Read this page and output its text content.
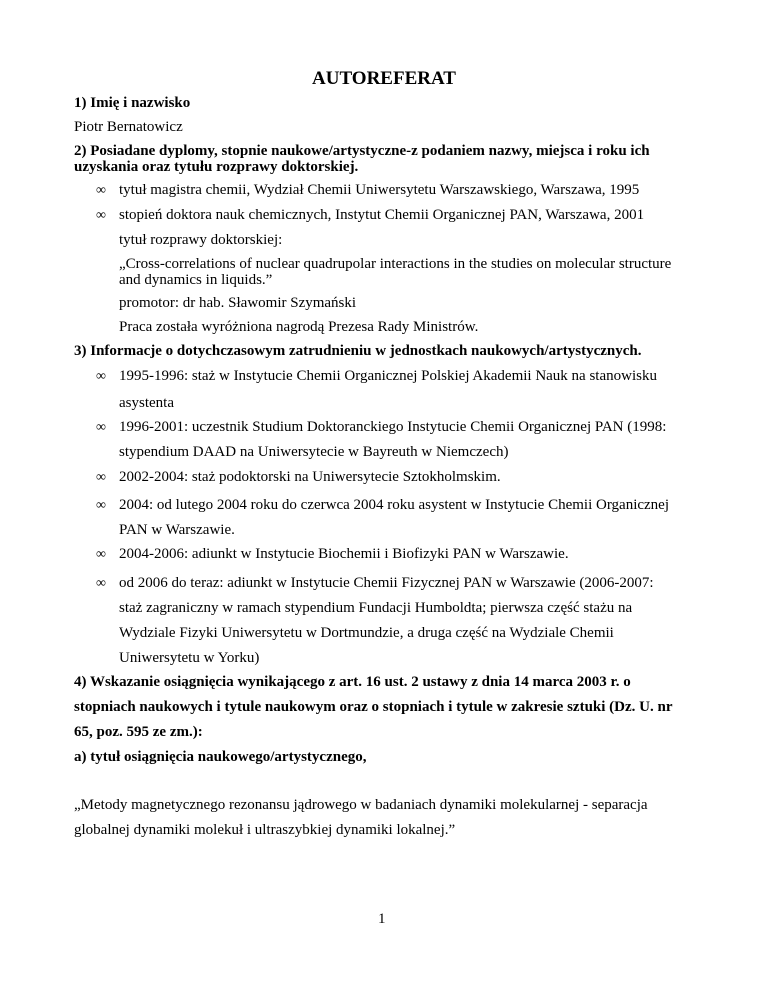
AUTOREFERAT
1) Imię i nazwisko
Piotr Bernatowicz
2) Posiadane dyplomy, stopnie naukowe/artystyczne-z podaniem nazwy, miejsca i roku ich
uzyskania oraz tytułu rozprawy doktorskiej.
∞ tytuł magistra chemii, Wydział Chemii Uniwersytetu Warszawskiego, Warszawa, 1995
∞ stopień doktora nauk chemicznych, Instytut Chemii Organicznej PAN, Warszawa, 2001
tytuł rozprawy doktorskiej:
„Cross-correlations of nuclear quadrupolar interactions in the studies on molecular structure
and dynamics in liquids.”
promotor: dr hab. Sławomir Szymański
Praca została wyróżniona nagrodą Prezesa Rady Ministrów.
3) Informacje o dotychczasowym zatrudnieniu w jednostkach naukowych/artystycznych.
∞ 1995-1996: staż w Instytucie Chemii Organicznej Polskiej Akademii Nauk na stanowisku
asystenta
∞ 1996-2001: uczestnik Studium Doktoranckiego Instytucie Chemii Organicznej PAN (1998:
stypendium DAAD na Uniwersytecie w Bayreuth w Niemczech)
∞ 2002-2004: staż podoktorski na Uniwersytecie Sztokholmskim.
∞ 2004: od lutego 2004 roku do czerwca 2004 roku asystent w Instytucie Chemii Organicznej
PAN w Warszawie.
∞ 2004-2006: adiunkt w Instytucie Biochemii i Biofizyki PAN w Warszawie.
∞ od 2006 do teraz: adiunkt w Instytucie Chemii Fizycznej PAN w Warszawie (2006-2007:
staż zagraniczny w ramach stypendium Fundacji Humboldta; pierwsza część stażu na
Wydziale Fizyki Uniwersytetu w Dortmundzie, a druga część na Wydziale Chemii
Uniwersytetu w Yorku)
4) Wskazanie osiągnięcia wynikającego z art. 16 ust. 2 ustawy z dnia 14 marca 2003 r. o
stopniach naukowych i tytule naukowym oraz o stopniach i tytule w zakresie sztuki (Dz. U. nr
65, poz. 595 ze zm.):
a) tytuł osiągnięcia naukowego/artystycznego,
„Metody magnetycznego rezonansu jądrowego w badaniach dynamiki molekularnej - separacja
globalnej dynamiki molekuł i ultraszybkiej dynamiki lokalnej.”
1
